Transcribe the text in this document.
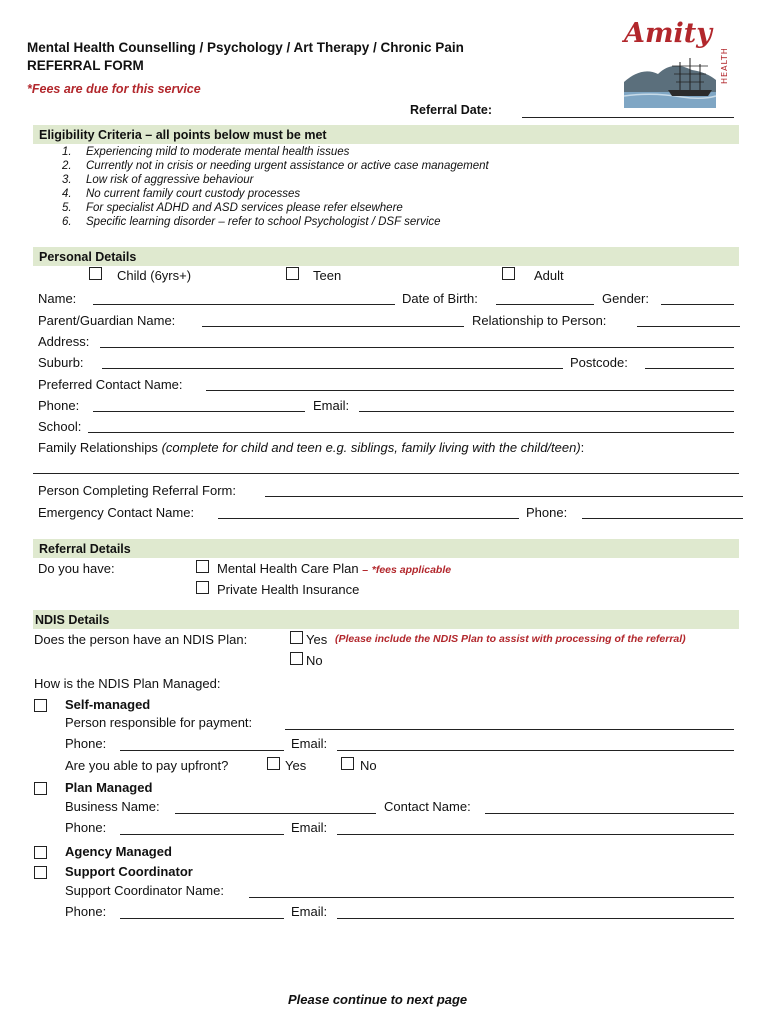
Mental Health Counselling / Psychology / Art Therapy / Chronic Pain
REFERRAL FORM
*Fees are due for this service
Referral Date:
Amity
HEALTH
Eligibility Criteria – all points below must be met
1. Experiencing mild to moderate mental health issues
2. Currently not in crisis or needing urgent assistance or active case management
3. Low risk of aggressive behaviour
4. No current family court custody processes
5. For specialist ADHD and ASD services please refer elsewhere
6. Specific learning disorder – refer to school Psychologist / DSF service
Personal Details
Child (6yrs+)	Teen	Adult
Name:	Date of Birth:	Gender:
Parent/Guardian Name:	Relationship to Person:
Address:
Suburb:	Postcode:
Preferred Contact Name:
Phone:	Email:
School:
Family Relationships (complete for child and teen e.g. siblings, family living with the child/teen):
Person Completing Referral Form:
Emergency Contact Name:	Phone:
Referral Details
Do you have:	Mental Health Care Plan – *fees applicable
Private Health Insurance
NDIS Details
Does the person have an NDIS Plan:	Yes (Please include the NDIS Plan to assist with processing of the referral)
No
How is the NDIS Plan Managed:
Self-managed
Person responsible for payment:
Phone:	Email:
Are you able to pay upfront?	Yes	No
Plan Managed
Business Name:	Contact Name:
Phone:	Email:
Agency Managed
Support Coordinator
Support Coordinator Name:
Phone:	Email:
Please continue to next page
